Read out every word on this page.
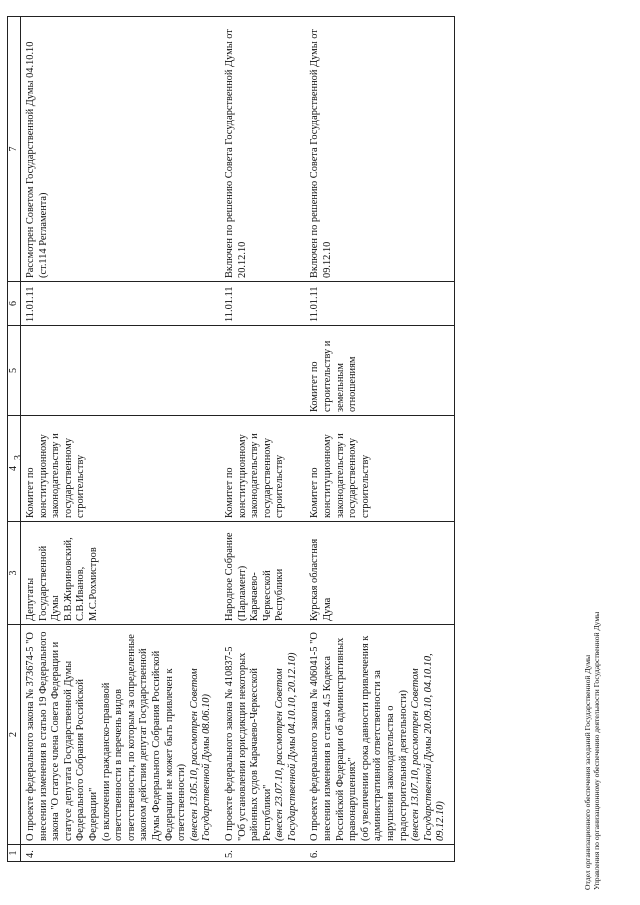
3
1	2	3	4	5	6	7
4.	О проекте федерального закона № 373674-5 "О внесении изменения в статью 19 Федерального закона "О статусе члена Совета Федерации и статусе депутата Государственной Думы Федерального Собрания Российской Федерации" (о включении гражданско-правовой ответственности в перечень видов ответственности, по которым за определенные законом действия депутат Государственной Думы Федерального Собрания Российской Федерации не может быть привлечен к ответственности) (внесен 13.05.10, рассмотрен Советом Государственной Думы 08.06.10)	Депутаты Государственной Думы В.В.Жириновский, С.В.Иванов, М.С.Рохмистров	Комитет по конституционному законодательству и государственному строительству		11.01.11	Рассмотрен Советом Государственной Думы 04.10.10 (ст.114 Регламента)
5.	О проекте федерального закона № 410837-5 "Об установлении юрисдикции некоторых районных судов Карачаево-Черкесской Республики" (внесен 23.07.10, рассмотрен Советом Государственной Думы 04.10.10, 20.12.10)	Народное Собрание (Парламент) Карачаево-Черкесской Республики	Комитет по конституционному законодательству и государственному строительству		11.01.11	Включен по решению Совета Государственной Думы от 20.12.10
6.	О проекте федерального закона № 406041-5 "О внесении изменения в статью 4.5 Кодекса Российской Федерации об административных правонарушениях" (об увеличении срока давности привлечения к административной ответственности за нарушения законодательства о градостроительной деятельности) (внесен 13.07.10, рассмотрен Советом Государственной Думы 20.09.10, 04.10.10, 09.12.10)	Курская областная Дума	Комитет по конституционному законодательству и государственному строительству	Комитет по строительству и земельным отношениям	11.01.11	Включен по решению Совета Государственной Думы от 09.12.10
Отдел организационного обеспечения заседаний Государственной Думы Управления по организационному обеспечению деятельности Государственной Думы
